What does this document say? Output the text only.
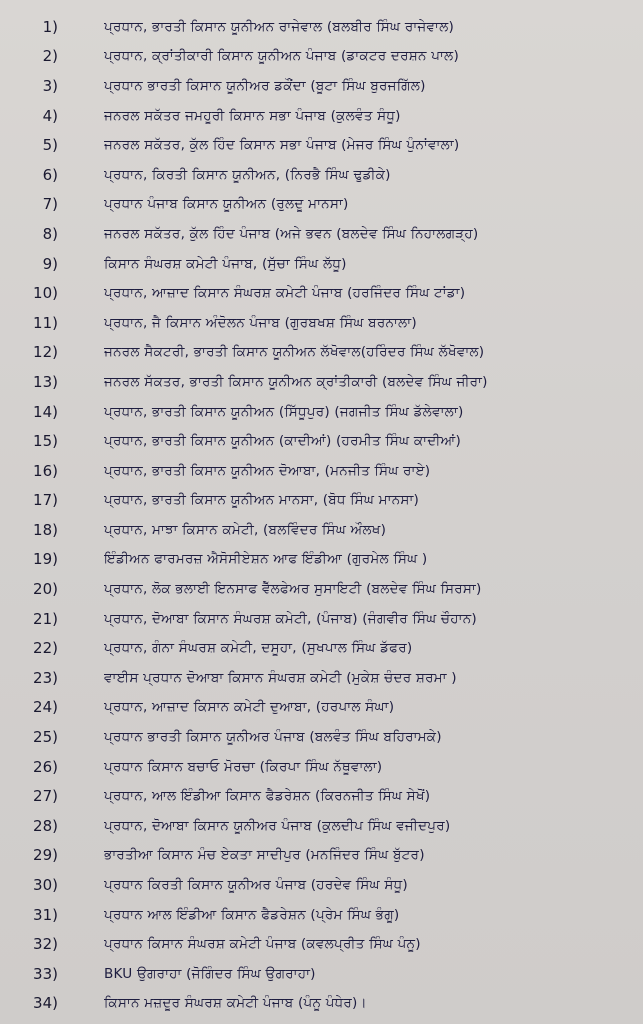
1)	ਪ੍ਰਧਾਨ, ਭਾਰਤੀ ਕਿਸਾਨ ਯੂਨੀਅਨ ਰਾਜੇਵਾਲ (ਬਲਬੀਰ ਸਿੰਘ ਰਾਜੇਵਾਲ)
2)	ਪ੍ਰਧਾਨ, ਕ੍ਰਾਂਤੀਕਾਰੀ ਕਿਸਾਨ ਯੂਨੀਅਨ ਪੰਜਾਬ (ਡਾਕਟਰ ਦਰਸ਼ਨ ਪਾਲ)
3)	ਪ੍ਰਧਾਨ ਭਾਰਤੀ ਕਿਸਾਨ ਯੂਨੀਅਰ ਡਕੌਂਦਾ (ਬੂਟਾ ਸਿੰਘ ਬੁਰਜਗਿੱਲ)
4)	ਜਨਰਲ ਸਕੱਤਰ ਜਮਹੂਰੀ ਕਿਸਾਨ ਸਭਾ ਪੰਜਾਬ (ਕੁਲਵੰਤ ਸੰਧੂ)
5)	ਜਨਰਲ ਸਕੱਤਰ, ਕੁੱਲ ਹਿੰਦ ਕਿਸਾਨ ਸਭਾ ਪੰਜਾਬ (ਮੇਜਰ ਸਿੰਘ ਪੁੰਨਾਂਵਾਲਾ)
6)	ਪ੍ਰਧਾਨ, ਕਿਰਤੀ ਕਿਸਾਨ ਯੂਨੀਅਨ, (ਨਿਰਭੈ ਸਿੰਘ ਢੁਡੀਕੇ)
7)	ਪ੍ਰਧਾਨ ਪੰਜਾਬ ਕਿਸਾਨ ਯੂਨੀਅਨ (ਰੁਲਦੂ ਮਾਨਸਾ)
8)	ਜਨਰਲ ਸਕੱਤਰ, ਕੁੱਲ ਹਿੰਦ ਪੰਜਾਬ (ਅਜੇ ਭਵਨ (ਬਲਦੇਵ ਸਿੰਘ ਨਿਹਾਲਗੜ੍ਹ)
9)	ਕਿਸਾਨ ਸੰਘਰਸ਼ ਕਮੇਟੀ ਪੰਜਾਬ, (ਸੁੱਚਾ ਸਿੰਘ ਲੱਧੂ)
10)	ਪ੍ਰਧਾਨ, ਆਜ਼ਾਦ ਕਿਸਾਨ ਸੰਘਰਸ਼ ਕਮੇਟੀ ਪੰਜਾਬ (ਹਰਜਿੰਦਰ ਸਿੰਘ ਟਾਂਡਾ)
11)	ਪ੍ਰਧਾਨ, ਜੈ ਕਿਸਾਨ ਅੰਦੋਲਨ ਪੰਜਾਬ (ਗੁਰਬਖਸ਼ ਸਿੰਘ ਬਰਨਾਲਾ)
12)	ਜਨਰਲ ਸੈਕਟਰੀ, ਭਾਰਤੀ ਕਿਸਾਨ ਯੂਨੀਅਨ ਲੱਖੋਵਾਲ(ਹਰਿੰਦਰ ਸਿੰਘ ਲੱਖੋਵਾਲ)
13)	ਜਨਰਲ ਸੱਕਤਰ, ਭਾਰਤੀ ਕਿਸਾਨ ਯੂਨੀਅਨ ਕ੍ਰਾਂਤੀਕਾਰੀ (ਬਲਦੇਵ ਸਿੰਘ ਜੀਰਾ)
14)	ਪ੍ਰਧਾਨ, ਭਾਰਤੀ ਕਿਸਾਨ ਯੂਨੀਅਨ (ਸਿੱਧੂਪੁਰ) (ਜਗਜੀਤ ਸਿੰਘ ਡੱਲੇਵਾਲਾ)
15)	ਪ੍ਰਧਾਨ, ਭਾਰਤੀ ਕਿਸਾਨ ਯੂਨੀਅਨ (ਕਾਦੀਆਂ) (ਹਰਮੀਤ ਸਿੰਘ ਕਾਦੀਆਂ)
16)	ਪ੍ਰਧਾਨ, ਭਾਰਤੀ ਕਿਸਾਨ ਯੂਨੀਅਨ ਦੋਆਬਾ, (ਮਨਜੀਤ ਸਿੰਘ ਰਾਏ)
17)	ਪ੍ਰਧਾਨ, ਭਾਰਤੀ ਕਿਸਾਨ ਯੂਨੀਅਨ ਮਾਨਸਾ, (ਬੋਧ ਸਿੰਘ ਮਾਨਸਾ)
18)	ਪ੍ਰਧਾਨ, ਮਾਝਾ ਕਿਸਾਨ ਕਮੇਟੀ, (ਬਲਵਿੰਦਰ ਸਿੰਘ ਔਲਖ)
19)	ਇੰਡੀਅਨ ਫਾਰਮਰਜ਼ ਐਸੋਸੀਏਸ਼ਨ ਆਫ ਇੰਡੀਆ (ਗੁਰਮੇਲ ਸਿੰਘ )
20)	ਪ੍ਰਧਾਨ, ਲੋਕ ਭਲਾਈ ਇਨਸਾਫ ਵੈੱਲਫੇਅਰ ਸੁਸਾਇਟੀ (ਬਲਦੇਵ ਸਿੰਘ ਸਿਰਸਾ)
21)	ਪ੍ਰਧਾਨ, ਦੋਆਬਾ ਕਿਸਾਨ ਸੰਘਰਸ਼ ਕਮੇਟੀ, (ਪੰਜਾਬ) (ਜੰਗਵੀਰ ਸਿੰਘ ਚੌਹਾਨ)
22)	ਪ੍ਰਧਾਨ, ਗੰਨਾ ਸੰਘਰਸ਼ ਕਮੇਟੀ, ਦਸੂਹਾ, (ਸੁਖਪਾਲ ਸਿੰਘ ਡੱਫਰ)
23)	ਵਾਈਸ ਪ੍ਰਧਾਨ ਦੋਆਬਾ ਕਿਸਾਨ ਸੰਘਰਸ਼ ਕਮੇਟੀ (ਮੁਕੇਸ਼ ਚੰਦਰ ਸ਼ਰਮਾ )
24)	ਪ੍ਰਧਾਨ, ਆਜ਼ਾਦ ਕਿਸਾਨ ਕਮੇਟੀ ਦੁਆਬਾ, (ਹਰਪਾਲ ਸੰਘਾ)
25)	ਪ੍ਰਧਾਨ ਭਾਰਤੀ ਕਿਸਾਨ ਯੂਨੀਅਰ ਪੰਜਾਬ (ਬਲਵੰਤ ਸਿੰਘ ਬਹਿਰਾਮਕੇ)
26)	ਪ੍ਰਧਾਨ ਕਿਸਾਨ ਬਚਾਓ ਮੋਰਚਾ (ਕਿਰਪਾ ਸਿੰਘ ਨੱਥੂਵਾਲਾ)
27)	ਪ੍ਰਧਾਨ, ਆਲ ਇੰਡੀਆ ਕਿਸਾਨ ਫੈਡਰੇਸ਼ਨ (ਕਿਰਨਜੀਤ ਸਿੰਘ ਸੇਖੋਂ)
28)	ਪ੍ਰਧਾਨ, ਦੋਆਬਾ ਕਿਸਾਨ ਯੂਨੀਅਰ ਪੰਜਾਬ (ਕੁਲਦੀਪ ਸਿੰਘ ਵਜੀਦਪੁਰ)
29)	ਭਾਰਤੀਆ ਕਿਸਾਨ ਮੰਚ ਏਕਤਾ ਸਾਦੀਪੁਰ (ਮਨਜਿੰਦਰ ਸਿੰਘ ਬੁੱਟਰ)
30)	ਪ੍ਰਧਾਨ ਕਿਰਤੀ ਕਿਸਾਨ ਯੂਨੀਅਰ ਪੰਜਾਬ (ਹਰਦੇਵ ਸਿੰਘ ਸੰਧੂ)
31)	ਪ੍ਰਧਾਨ ਆਲ ਇੰਡੀਆ ਕਿਸਾਨ ਫੈਡਰੇਸ਼ਨ (ਪ੍ਰੇਮ ਸਿੰਘ ਭੰਗੂ)
32)	ਪ੍ਰਧਾਨ ਕਿਸਾਨ ਸੰਘਰਸ਼ ਕਮੇਟੀ ਪੰਜਾਬ (ਕਵਲਪ੍ਰੀਤ ਸਿੰਘ ਪੰਨੂ)
33)	BKU ਉਗਰਾਹਾ (ਜੋਗਿੰਦਰ ਸਿੰਘ ਉਗਰਾਹਾ)
34)	ਕਿਸਾਨ ਮਜ਼ਦੂਰ ਸੰਘਰਸ਼ ਕਮੇਟੀ ਪੰਜਾਬ (ਪੰਨੂ ਪੰਧੇਰ)।
